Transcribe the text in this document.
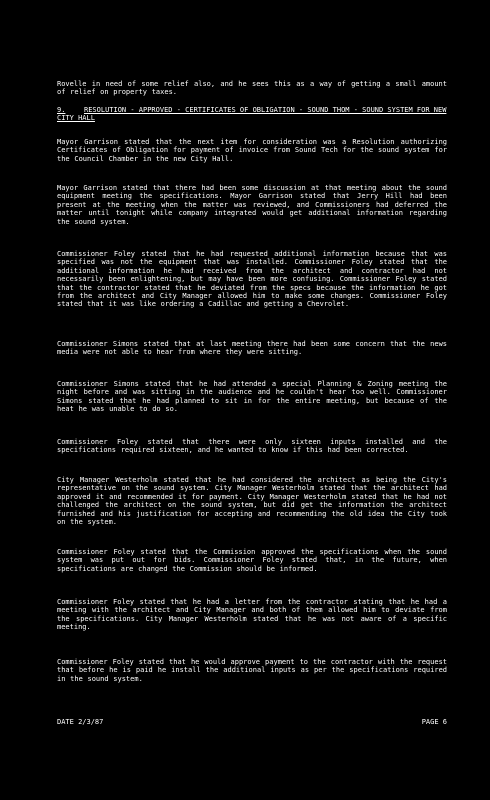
Rovelle in need of some relief also, and he sees this as a way of getting a small amount of relief on property taxes.
9.	RESOLUTION - APPROVED - CERTIFICATES OF OBLIGATION - SOUND THOM - SOUND SYSTEM FOR NEW CITY HALL
Mayor Garrison stated that the next item for consideration was a Resolution authorizing Certificates of Obligation for payment of invoice from Sound Tech for the sound system for the Council Chamber in the new City Hall.
Mayor Garrison stated that there had been some discussion at that meeting about the sound equipment meeting the specifications. Mayor Garrison stated that Jerry Hill had been present at the meeting when the matter was reviewed, and Commissioners had deferred the matter until tonight while company integrated would get additional information regarding the sound system.
Commissioner Foley stated that he had requested additional information because that was specified was not the equipment that was installed. Commissioner Foley stated that the additional information he had received from the architect and contractor had not necessarily been enlightening, but may have been more confusing. Commissioner Foley stated that the contractor stated that he deviated from the specs because the information he got from the architect and City Manager allowed him to make some changes. Commissioner Foley stated that it was like ordering a Cadillac and getting a Chevrolet.
Commissioner Simons stated that at last meeting there had been some concern that the news media were not able to hear from where they were sitting.
Commissioner Simons stated that he had attended a special Planning & Zoning meeting the night before and was sitting in the audience and he couldn't hear too well. Commissioner Simons stated that he had planned to sit in for the entire meeting, but because of the heat he was unable to do so.
Commissioner Foley stated that there were only sixteen inputs installed and the specifications required sixteen, and he wanted to know if this had been corrected.
City Manager Westerholm stated that he had considered the architect as being the City's representative on the sound system. City Manager Westerholm stated that the architect had approved it and recommended it for payment. City Manager Westerholm stated that he had not challenged the architect on the sound system, but did get the information the architect furnished and his justification for accepting and recommending the old idea the City took on the system.
Commissioner Foley stated that the Commission approved the specifications when the sound system was put out for bids. Commissioner Foley stated that, in the future, when specifications are changed the Commission should be informed.
Commissioner Foley stated that he had a letter from the contractor stating that he had a meeting with the architect and City Manager and both of them allowed him to deviate from the specifications. City Manager Westerholm stated that he was not aware of a specific meeting.
Commissioner Foley stated that he would approve payment to the contractor with the request that before he is paid he install the additional inputs as per the specifications required in the sound system.
DATE 2/3/87	PAGE 6
